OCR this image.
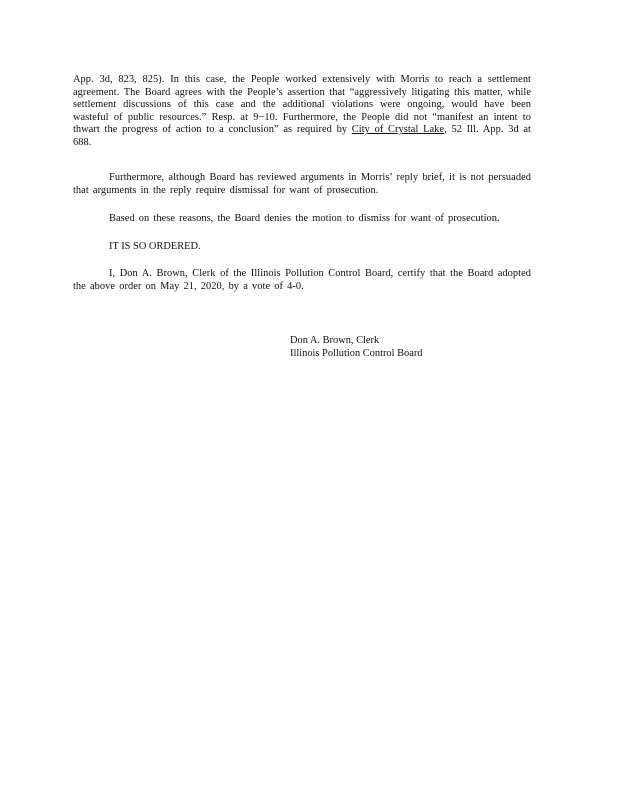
App. 3d, 823, 825). In this case, the People worked extensively with Morris to reach a settlement agreement. The Board agrees with the People’s assertion that “aggressively litigating this matter, while settlement discussions of this case and the additional violations were ongoing, would have been wasteful of public resources.” Resp. at 9−10. Furthermore, the People did not “manifest an intent to thwart the progress of action to a conclusion” as required by City of Crystal Lake, 52 Ill. App. 3d at 688.

Furthermore, although Board has reviewed arguments in Morris’ reply brief, it is not persuaded that arguments in the reply require dismissal for want of prosecution.

Based on these reasons, the Board denies the motion to dismiss for want of prosecution.

IT IS SO ORDERED.

I, Don A. Brown, Clerk of the Illinois Pollution Control Board, certify that the Board adopted the above order on May 21, 2020, by a vote of 4-0.

Don A. Brown, Clerk

Illinois Pollution Control Board
